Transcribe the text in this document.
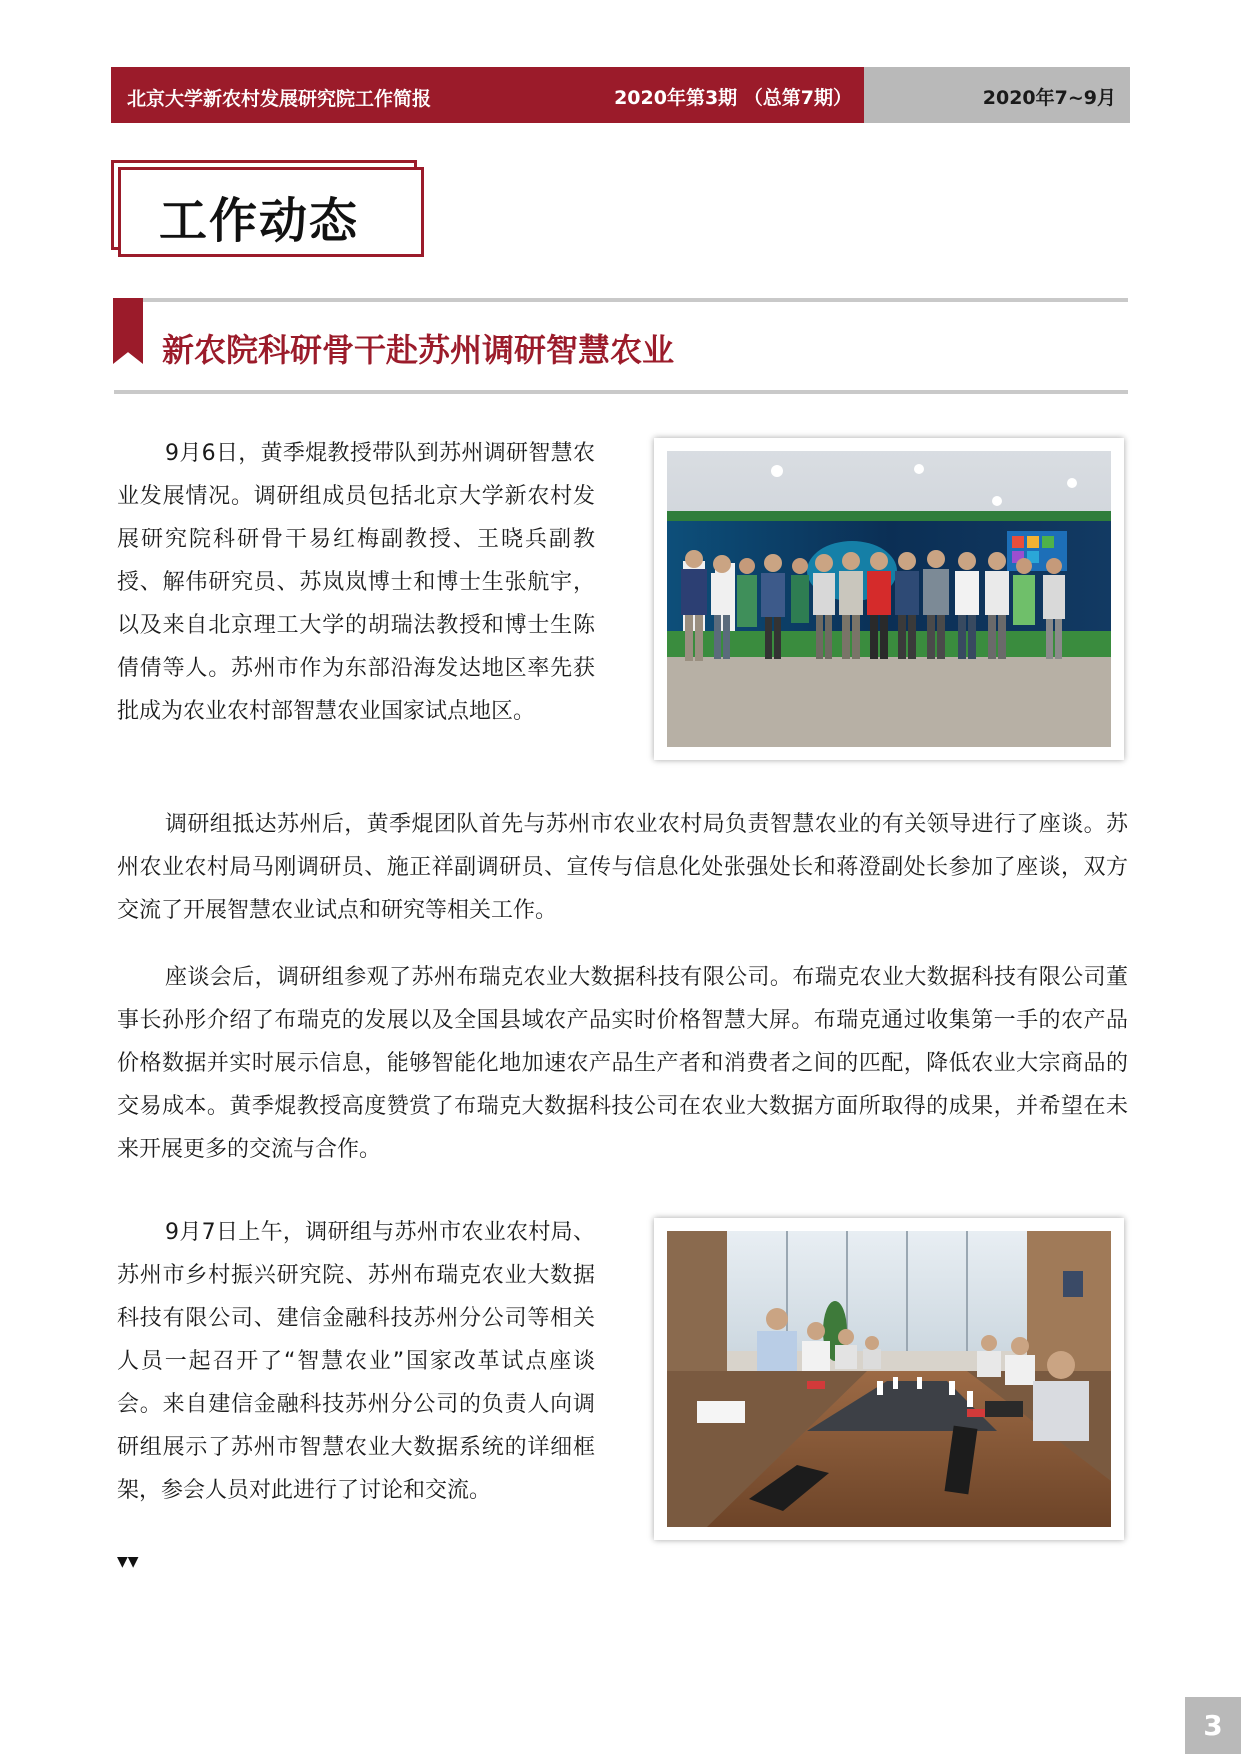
北京大学新农村发展研究院工作简报	2020年第3期 （总第7期）	2020年7~9月
工作动态
新农院科研骨干赴苏州调研智慧农业

9月6日，黄季焜教授带队到苏州调研智慧农业发展情况。调研组成员包括北京大学新农村发展研究院科研骨干易红梅副教授、王晓兵副教授、解伟研究员、苏岚岚博士和博士生张航宇，以及来自北京理工大学的胡瑞法教授和博士生陈倩倩等人。苏州市作为东部沿海发达地区率先获批成为农业农村部智慧农业国家试点地区。

调研组抵达苏州后，黄季焜团队首先与苏州市农业农村局负责智慧农业的有关领导进行了座谈。苏州农业农村局马刚调研员、施正祥副调研员、宣传与信息化处张强处长和蒋澄副处长参加了座谈，双方交流了开展智慧农业试点和研究等相关工作。

座谈会后，调研组参观了苏州布瑞克农业大数据科技有限公司。布瑞克农业大数据科技有限公司董事长孙彤介绍了布瑞克的发展以及全国县域农产品实时价格智慧大屏。布瑞克通过收集第一手的农产品价格数据并实时展示信息，能够智能化地加速农产品生产者和消费者之间的匹配，降低农业大宗商品的交易成本。黄季焜教授高度赞赏了布瑞克大数据科技公司在农业大数据方面所取得的成果，并希望在未来开展更多的交流与合作。

9月7日上午，调研组与苏州市农业农村局、苏州市乡村振兴研究院、苏州布瑞克农业大数据科技有限公司、建信金融科技苏州分公司等相关人员一起召开了“智慧农业”国家改革试点座谈会。来自建信金融科技苏州分公司的负责人向调研组展示了苏州市智慧农业大数据系统的详细框架，参会人员对此进行了讨论和交流。

▼▼
3
